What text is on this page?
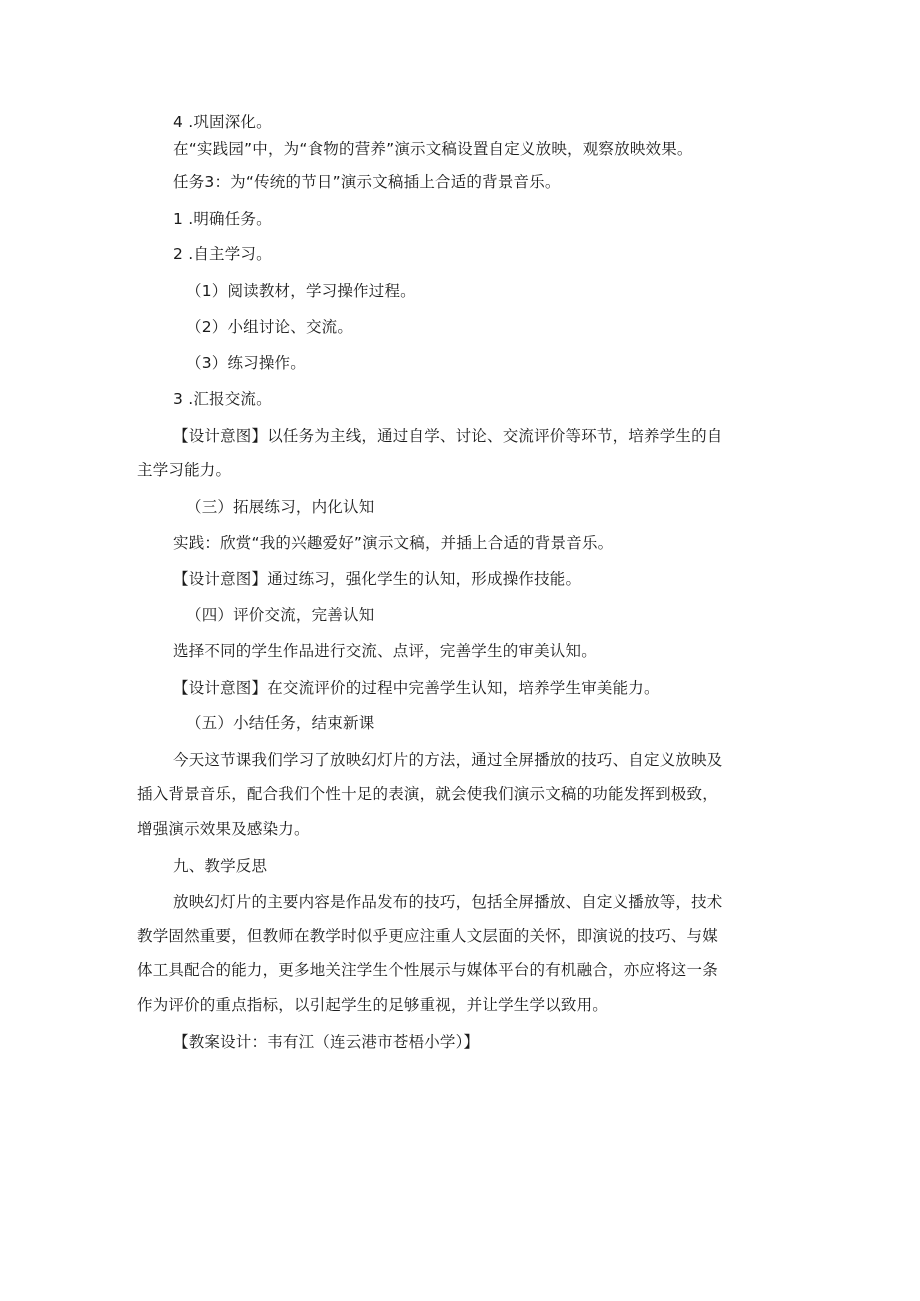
4 .巩固深化。
在“实践园”中，为“食物的营养”演示文稿设置自定义放映，观察放映效果。
任务3：为“传统的节日”演示文稿插上合适的背景音乐。
1 .明确任务。
2 .自主学习。
（1）阅读教材，学习操作过程。
（2）小组讨论、交流。
（3）练习操作。
3 .汇报交流。
【设计意图】以任务为主线，通过自学、讨论、交流评价等环节，培养学生的自
主学习能力。
（三）拓展练习，内化认知
实践：欣赏“我的兴趣爱好”演示文稿，并插上合适的背景音乐。
【设计意图】通过练习，强化学生的认知，形成操作技能。
（四）评价交流，完善认知
选择不同的学生作品进行交流、点评，完善学生的审美认知。
【设计意图】在交流评价的过程中完善学生认知，培养学生审美能力。
（五）小结任务，结束新课
今天这节课我们学习了放映幻灯片的方法，通过全屏播放的技巧、自定义放映及
插入背景音乐，配合我们个性十足的表演，就会使我们演示文稿的功能发挥到极致，
增强演示效果及感染力。
九、教学反思
放映幻灯片的主要内容是作品发布的技巧，包括全屏播放、自定义播放等，技术
教学固然重要，但教师在教学时似乎更应注重人文层面的关怀，即演说的技巧、与媒
体工具配合的能力，更多地关注学生个性展示与媒体平台的有机融合，亦应将这一条
作为评价的重点指标，以引起学生的足够重视，并让学生学以致用。
【教案设计：韦有江（连云港市苍梧小学）】
